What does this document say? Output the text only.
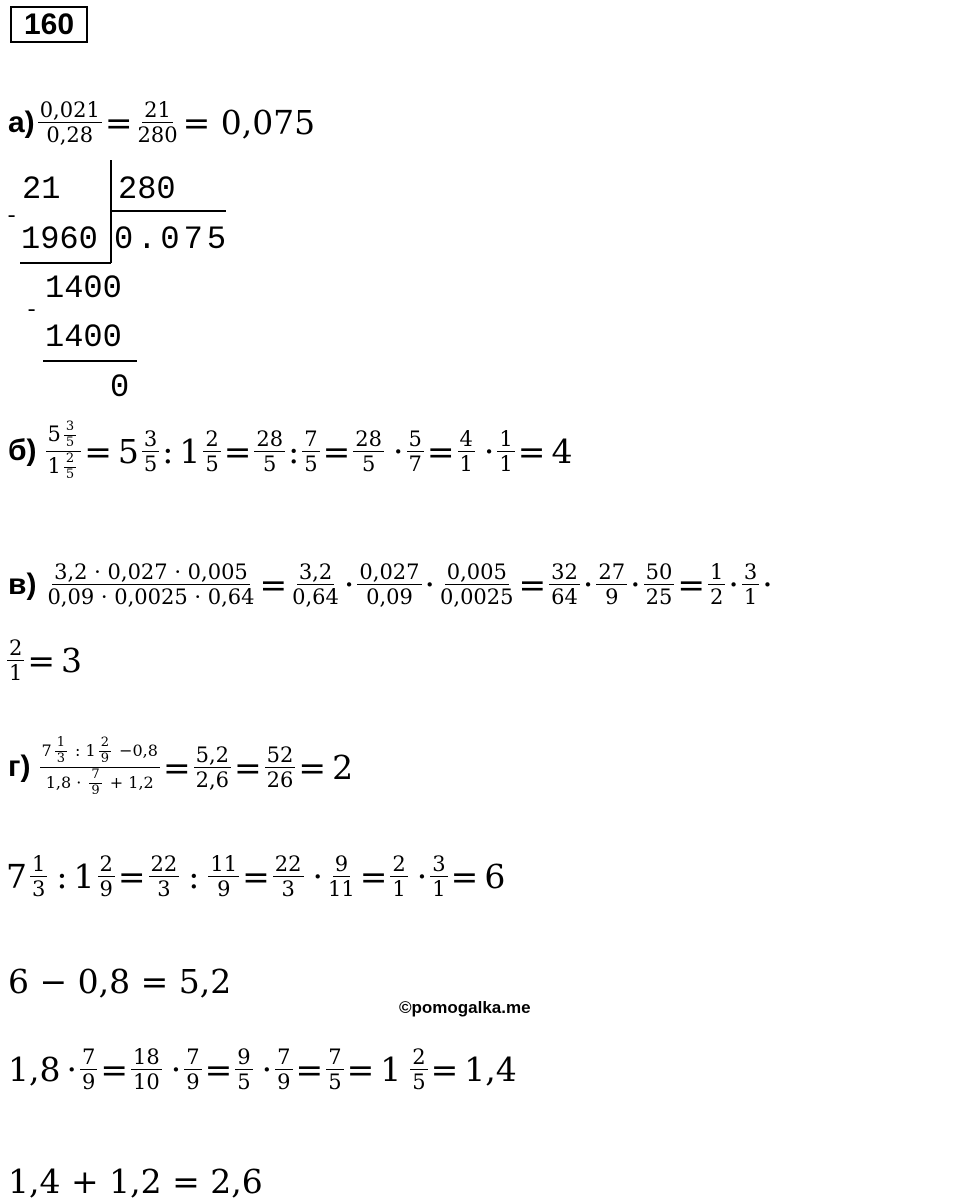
160
$а) \frac{0,021}{0,28} = \frac{21}{280} = 0,075$
21 280
-
1960 0.075
1400
-
1400
0
$б) \frac{5 \frac{3}{5}}{1 \frac{2}{5}} = 5$ 3
5 : $1 \frac{2}{5} = \frac{28}{5}$ : $\frac{7}{5} = \frac{28}{5} \cdot \frac{5}{7} = \frac{4}{1} \cdot \frac{1}{1} = 4$
$в) \frac{3,2 \cdot 0,027 \cdot 0,005}{0,09 \cdot 0,0025 \cdot 0,64} = \frac{3,2}{0,64} \cdot 0,027$
$0,09 \cdot \frac{0,005}{0,0025} = \frac{32}{64} \cdot 27$
$9 \cdot \frac{50}{25} = \frac{1}{2} \cdot 3$
1 ·
$\frac{2}{1} = 3$
$г) \frac{7 \frac{1}{3} : 1 \frac{2}{9} -0,8}{1,8 \cdot \frac{7}{9} + 1,2} = \frac{5,2}{2,6} = \frac{52}{26} = 2$
7 1
3 : $1 \frac{2}{9} = \frac{22}{3}$ : $\frac{11}{9} = \frac{22}{3} \cdot \frac{9}{11} = \frac{2}{1} \cdot \frac{3}{1} = 6$
6 − 0,8 = 5,2
©pomogalka.me
$1,8 \cdot \frac{7}{9} = \frac{18}{10} \cdot \frac{7}{9} = \frac{9}{5} \cdot \frac{7}{9} = \frac{7}{5} = 1 \frac{2}{5} = 1,4$
1,4 + 1,2 = 2,6
